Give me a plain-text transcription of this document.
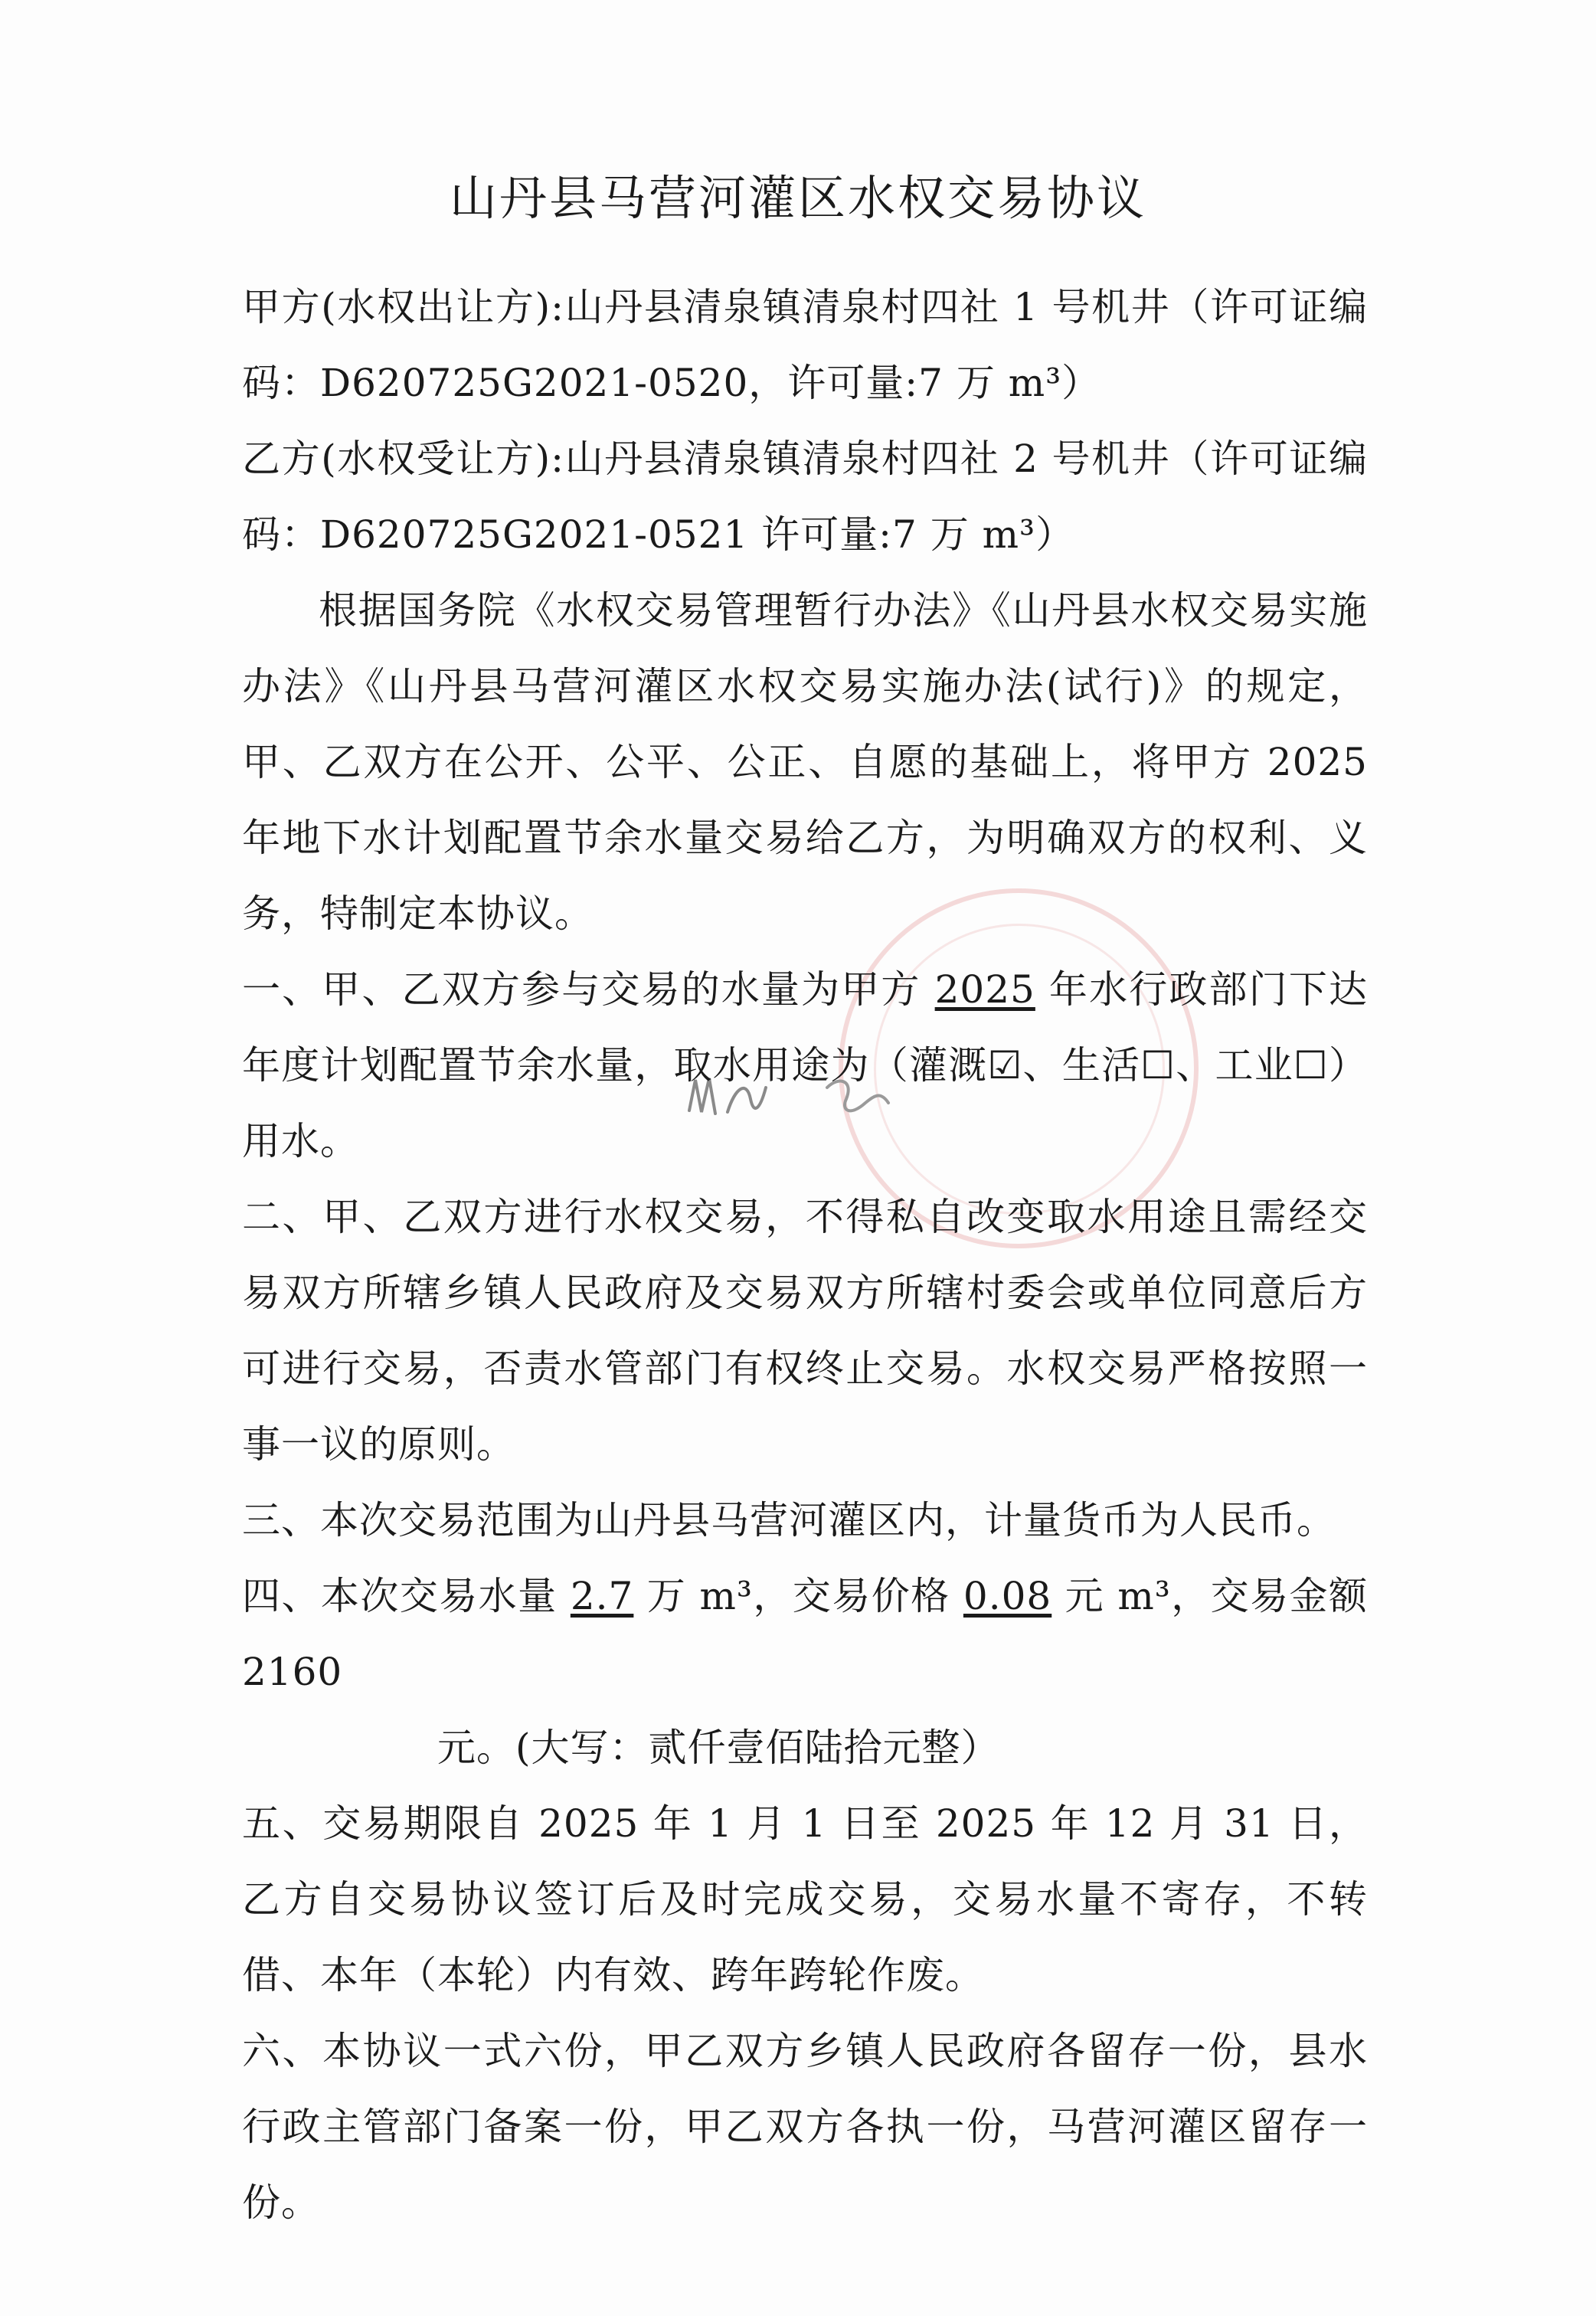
山丹县马营河灌区水权交易协议

甲方(水权出让方):山丹县清泉镇清泉村四社 1 号机井（许可证编码：D620725G2021-0520，许可量:7 万 m³）

乙方(水权受让方):山丹县清泉镇清泉村四社 2 号机井（许可证编码：D620725G2021-0521 许可量:7 万 m³）

根据国务院《水权交易管理暂行办法》《山丹县水权交易实施办法》《山丹县马营河灌区水权交易实施办法(试行)》的规定，甲、乙双方在公开、公平、公正、自愿的基础上，将甲方 2025 年地下水计划配置节余水量交易给乙方，为明确双方的权利、义务，特制定本协议。

一、甲、乙双方参与交易的水量为甲方 2025 年水行政部门下达年度计划配置节余水量，取水用途为（灌溉☑、生活☐、工业☐）用水。

二、甲、乙双方进行水权交易，不得私自改变取水用途且需经交易双方所辖乡镇人民政府及交易双方所辖村委会或单位同意后方可进行交易，否责水管部门有权终止交易。水权交易严格按照一事一议的原则。

三、本次交易范围为山丹县马营河灌区内，计量货币为人民币。

四、本次交易水量 2.7 万 m³，交易价格 0.08 元 m³，交易金额 2160

元。(大写：贰仟壹佰陆拾元整）

五、交易期限自 2025 年 1 月 1 日至 2025 年 12 月 31 日，乙方自交易协议签订后及时完成交易，交易水量不寄存，不转借、本年（本轮）内有效、跨年跨轮作废。

六、本协议一式六份，甲乙双方乡镇人民政府各留存一份，县水行政主管部门备案一份，甲乙双方各执一份，马营河灌区留存一份。
